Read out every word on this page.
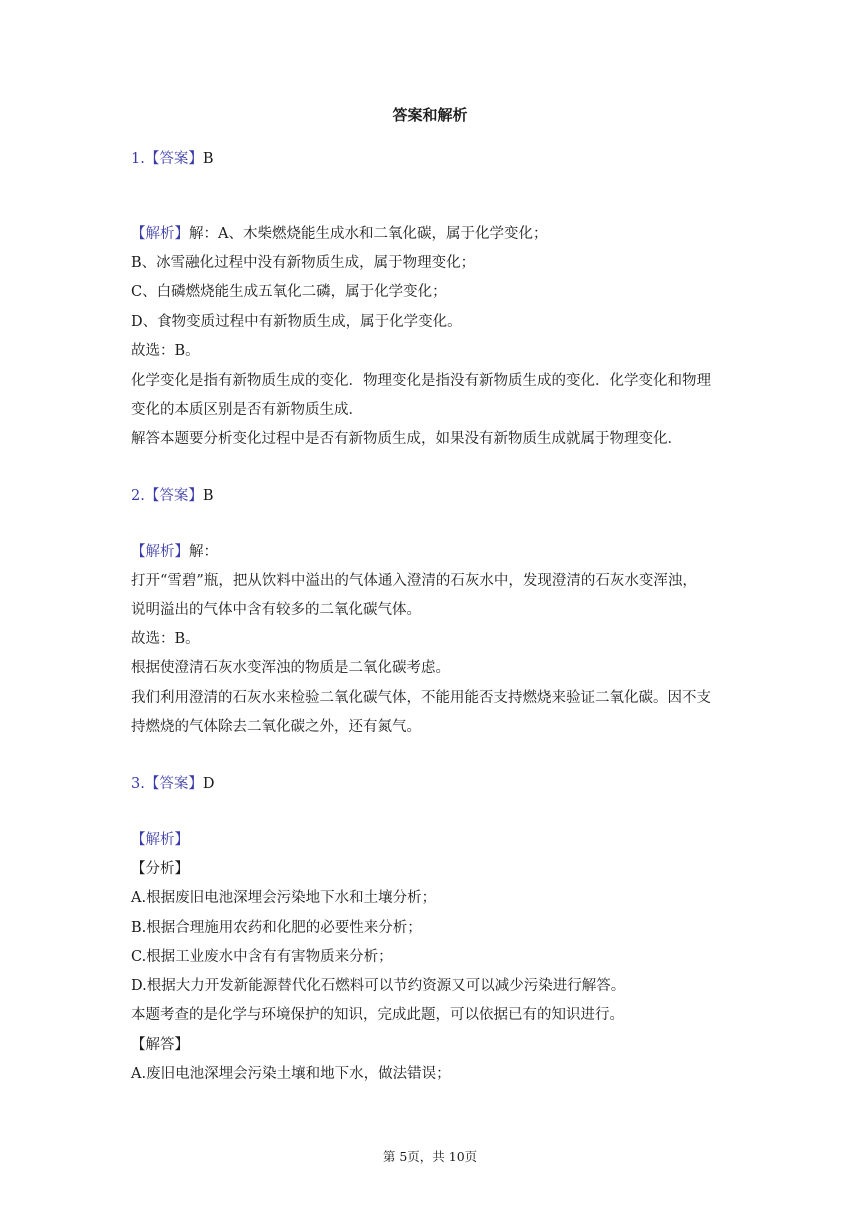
答案和解析
1.【答案】B
【解析】解：A、木柴燃烧能生成水和二氧化碳，属于化学变化；
B、冰雪融化过程中没有新物质生成，属于物理变化；
C、白磷燃烧能生成五氧化二磷，属于化学变化；
D、食物变质过程中有新物质生成，属于化学变化。
故选：B。
化学变化是指有新物质生成的变化．物理变化是指没有新物质生成的变化．化学变化和物理
变化的本质区别是否有新物质生成．
解答本题要分析变化过程中是否有新物质生成，如果没有新物质生成就属于物理变化．
2.【答案】B
【解析】解：
打开“雪碧”瓶，把从饮料中溢出的气体通入澄清的石灰水中，发现澄清的石灰水变浑浊，
说明溢出的气体中含有较多的二氧化碳气体。
故选：B。
根据使澄清石灰水变浑浊的物质是二氧化碳考虑。
我们利用澄清的石灰水来检验二氧化碳气体，不能用能否支持燃烧来验证二氧化碳。因不支
持燃烧的气体除去二氧化碳之外，还有氮气。
3.【答案】D
【解析】
【分析】
A.根据废旧电池深埋会污染地下水和土壤分析；
B.根据合理施用农药和化肥的必要性来分析；
C.根据工业废水中含有有害物质来分析；
D.根据大力开发新能源替代化石燃料可以节约资源又可以减少污染进行解答。
本题考查的是化学与环境保护的知识，完成此题，可以依据已有的知识进行。
【解答】
A.废旧电池深埋会污染土壤和地下水，做法错误；
第 5页，共 10页
